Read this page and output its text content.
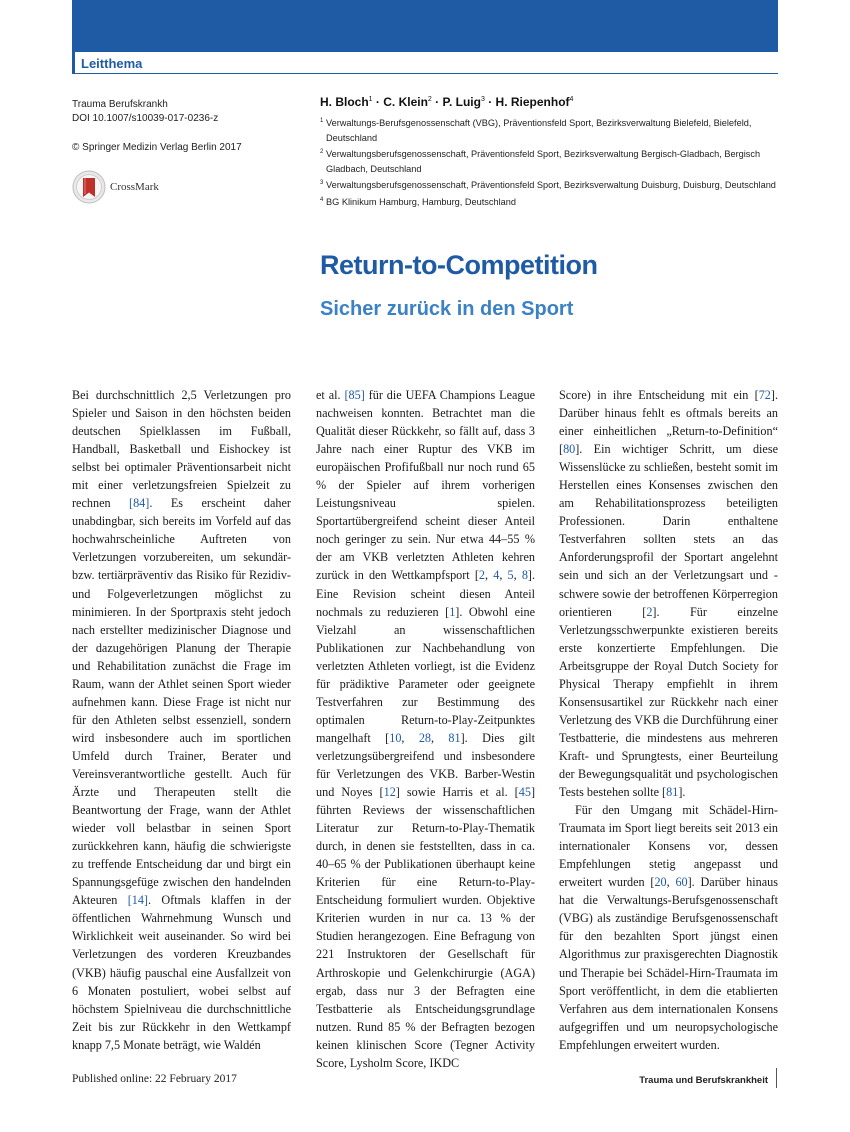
Leitthema
Trauma Berufskrankh
DOI 10.1007/s10039-017-0236-z
© Springer Medizin Verlag Berlin 2017
CrossMark
H. Bloch$^1$ · C. Klein$^2$ · P. Luig$^3$ · H. Riepenhof$^4$
1 Verwaltungs-Berufsgenossenschaft (VBG), Präventionsfeld Sport, Bezirksverwaltung Bielefeld, Bielefeld, Deutschland
2 Verwaltungsberufsgenossenschaft, Präventionsfeld Sport, Bezirksverwaltung Bergisch-Gladbach, Bergisch Gladbach, Deutschland
3 Verwaltungsberufsgenossenschaft, Präventionsfeld Sport, Bezirksverwaltung Duisburg, Duisburg, Deutschland
4 BG Klinikum Hamburg, Hamburg, Deutschland
Return-to-Competition
Sicher zurück in den Sport

Bei durchschnittlich 2,5 Verletzungen pro Spieler und Saison in den höchsten beiden deutschen Spielklassen im Fußball, Handball, Basketball und Eishockey ist selbst bei optimaler Präventionsarbeit nicht mit einer verletzungsfreien Spielzeit zu rechnen [84]. Es erscheint daher unabdingbar, sich bereits im Vorfeld auf das hochwahrscheinliche Auftreten von Verletzungen vorzubereiten, um sekundär- bzw. tertiärpräventiv das Risiko für Rezidiv- und Folgeverletzungen möglichst zu minimieren. In der Sportpraxis steht jedoch nach erstellter medizinischer Diagnose und der dazugehörigen Planung der Therapie und Rehabilitation zunächst die Frage im Raum, wann der Athlet seinen Sport wieder aufnehmen kann. Diese Frage ist nicht nur für den Athleten selbst essenziell, sondern wird insbesondere auch im sportlichen Umfeld durch Trainer, Berater und Vereinsverantwortliche gestellt. Auch für Ärzte und Therapeuten stellt die Beantwortung der Frage, wann der Athlet wieder voll belastbar in seinen Sport zurückkehren kann, häufig die schwierigste zu treffende Entscheidung dar und birgt ein Spannungsgefüge zwischen den handelnden Akteuren [14]. Oftmals klaffen in der öffentlichen Wahrnehmung Wunsch und Wirklichkeit weit auseinander. So wird bei Verletzungen des vorderen Kreuzbandes (VKB) häufig pauschal eine Ausfallzeit von 6 Monaten postuliert, wobei selbst auf höchstem Spielniveau die durchschnittliche Zeit bis zur Rückkehr in den Wettkampf knapp 7,5 Monate beträgt, wie Waldén

et al. [85] für die UEFA Champions League nachweisen konnten. Betrachtet man die Qualität dieser Rückkehr, so fällt auf, dass 3 Jahre nach einer Ruptur des VKB im europäischen Profifußball nur noch rund 65 % der Spieler auf ihrem vorherigen Leistungsniveau spielen. Sportartübergreifend scheint dieser Anteil noch geringer zu sein. Nur etwa 44–55 % der am VKB verletzten Athleten kehren zurück in den Wettkampfsport [2, 4, 5, 8]. Eine Revision scheint diesen Anteil nochmals zu reduzieren [1]. Obwohl eine Vielzahl an wissenschaftlichen Publikationen zur Nachbehandlung von verletzten Athleten vorliegt, ist die Evidenz für prädiktive Parameter oder geeignete Testverfahren zur Bestimmung des optimalen Return-to-Play-Zeitpunktes mangelhaft [10, 28, 81]. Dies gilt verletzungsübergreifend und insbesondere für Verletzungen des VKB. Barber-Westin und Noyes [12] sowie Harris et al. [45] führten Reviews der wissenschaftlichen Literatur zur Return-to-Play-Thematik durch, in denen sie feststellten, dass in ca. 40–65 % der Publikationen überhaupt keine Kriterien für eine Return-to-Play-Entscheidung formuliert wurden. Objektive Kriterien wurden in nur ca. 13 % der Studien herangezogen. Eine Befragung von 221 Instruktoren der Gesellschaft für Arthroskopie und Gelenkchirurgie (AGA) ergab, dass nur 3 der Befragten eine Testbatterie als Entscheidungsgrundlage nutzen. Rund 85 % der Befragten bezogen keinen klinischen Score (Tegner Activity Score, Lysholm Score, IKDC

Score) in ihre Entscheidung mit ein [72]. Darüber hinaus fehlt es oftmals bereits an einer einheitlichen „Return-to-Definition“ [80]. Ein wichtiger Schritt, um diese Wissenslücke zu schließen, besteht somit im Herstellen eines Konsenses zwischen den am Rehabilitationsprozess beteiligten Professionen. Darin enthaltene Testverfahren sollten stets an das Anforderungsprofil der Sportart angelehnt sein und sich an der Verletzungsart und -schwere sowie der betroffenen Körperregion orientieren [2]. Für einzelne Verletzungsschwerpunkte existieren bereits erste konzertierte Empfehlungen. Die Arbeitsgruppe der Royal Dutch Society for Physical Therapy empfiehlt in ihrem Konsensusartikel zur Rückkehr nach einer Verletzung des VKB die Durchführung einer Testbatterie, die mindestens aus mehreren Kraft- und Sprungtests, einer Beurteilung der Bewegungsqualität und psychologischen Tests bestehen sollte [81].

Für den Umgang mit Schädel-Hirn-Traumata im Sport liegt bereits seit 2013 ein internationaler Konsens vor, dessen Empfehlungen stetig angepasst und erweitert wurden [20, 60]. Darüber hinaus hat die Verwaltungs-Berufsgenossenschaft (VBG) als zuständige Berufsgenossenschaft für den bezahlten Sport jüngst einen Algorithmus zur praxisgerechten Diagnostik und Therapie bei Schädel-Hirn-Traumata im Sport veröffentlicht, in dem die etablierten Verfahren aus dem internationalen Konsens aufgegriffen und um neuropsychologische Empfehlungen erweitert wurden.

Published online: 22 February 2017	Trauma und Berufskrankheit
